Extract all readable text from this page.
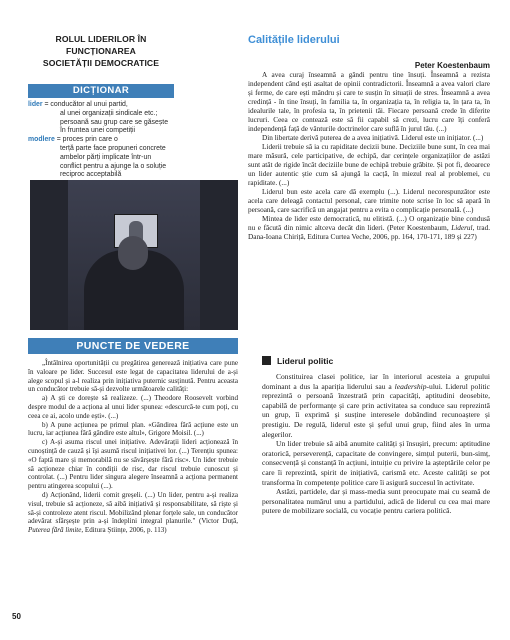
ROLUL LIDERILOR ÎN
FUNCȚIONAREA
SOCIETĂȚII DEMOCRATICE
DICȚIONAR
lider = conducător al unui partid,
al unei organizații sindicale etc.; persoană sau grup care se găsește în fruntea unei competiții
modlere = proces prin care o
terță parte face propuneri concrete ambelor părți implicate într-un conflict pentru a ajunge la o soluție reciproc acceptabilă
Calitățile liderului
Peter Koestenbaum

A avea curaj înseamnă a gândi pentru tine însuți. Înseamnă a rezista independent când ești asaltat de opinii contradictorii. Înseamnă a avea valori clare și ferme, de care ești mândru și care te susțin în situații de stres. Înseamnă a avea credință - în tine însuți, în familia ta, în organizația ta, în religia ta, în țara ta, în idealurile tale, în profesia ta, în prietenii tăi. Fiecare persoană crede în diferite lucruri. Ceea ce contează este să fii capabil să crezi, lucru care îți conferă independență față de vânturile doctrinelor care suflă în jurul tău. (...)

Din libertate derivă puterea de a avea inițiativă. Liderul este un inițiator. (...)

Liderii trebuie să ia cu rapiditate decizii bune. Deciziile bune sunt, în cea mai mare măsură, cele participative, de echipă, dar cerințele organizațiilor de astăzi sunt atât de rigide încât deciziile bune de echipă trebuie grăbite. Și pot fi, deoarece un lider autentic știe cum să ajungă la cacță, în miezul real al problemei, cu rapiditate. (...)

Liderul bun este acela care dă exemplu (...). Liderul necorespunzător este acela care deleagă contactul personal, care trimite note scrise în loc să apară în persoană, care sacrifică un angajat pentru a evita o complicație personală. (...)

Mintea de lider este democratică, nu elitistă. (...) O organizație bine condusă nu e făcută din nimic altceva decât din lideri. (Peter Koestenbaum, Liderul, trad. Dana-Ioana Chiriță, Editura Curtea Veche, 2006, pp. 164, 170-171, 189 și 227)

PUNCTE DE VEDERE

„Întâlnirea oportunității cu pregătirea generează inițiativa care pune în valoare pe lider. Succesul este legat de capacitatea liderului de a-și alege scopul și a-l realiza prin inițiativa puternic susținută. Pentru aceasta un conducător trebuie să-și dezvolte următoarele calități:

a) A ști ce dorește să realizeze. (...) Theodore Roosevelt vorbind despre modul de a acționa al unui lider spunea: «descurcă-te cum poți, cu ceea ce ai, acolo unde ești». (...)

b) A pune acțiunea pe primul plan. «Gândirea fără acțiune este un lucru, iar acțiunea fără gândire este altul», Grigore Moisil. (...)

c) A-și asuma riscul unei inițiative. Adevărații lideri acționează în cunoștință de cauză și își asumă riscul inițiativei lor. (...) Terențiu spunea: «O faptă mare și memorabilă nu se săvârșește fără risc». Un lider trebuie să acționeze chiar în condiții de risc, dar riscul trebuie cunoscut și controlat. (...) Pentru lider singura alegere înseamnă a acționa permanent pentru atingerea scopului (...).

d) Acționând, liderii comit greșeli. (...) Un lider, pentru a-și realiza visul, trebuie să acționeze, să aibă inițiativă și responsabilitate, să riște și să-și controleze atent riscul. Mobilizând plenar forțele sale, un conducător adevărat sfârșește prin a-și îndeplini integral planurile." (Victor Duță, Puterea fără limite, Editura Științe, 2006, p. 113)

Liderul politic

Constituirea clasei politice, iar în interiorul acesteia a grupului dominant a dus la apariția liderului sau a leadership-ului. Liderul politic reprezintă o persoană înzestrată prin capacități, aptitudini deosebite, capabilă de performanțe și care prin activitatea sa conduce sau reprezintă un grup, îi exprimă și susține interesele dobândind recunoaștere și prestigiu. De regulă, liderul este și șeful unui grup, fiind ales în urma alegerilor.

Un lider trebuie să aibă anumite calități și însușiri, precum: aptitudine oratorică, perseverență, capacitate de convingere, simțul puterii, bun-simț, consecvență și constanță în acțiuni, intuiție cu privire la așteptările celor pe care îi reprezintă, spirit de inițiativă, carismă etc. Aceste calități se pot transforma în competențe politice care îi asigură succesul în activitate.

Astăzi, partidele, dar și mass-media sunt preocupate mai cu seamă de personalitatea numărul unu a partidului, adică de liderul cu cea mai mare putere de mobilizare socială, cu vocație pentru cariera politică.

50
